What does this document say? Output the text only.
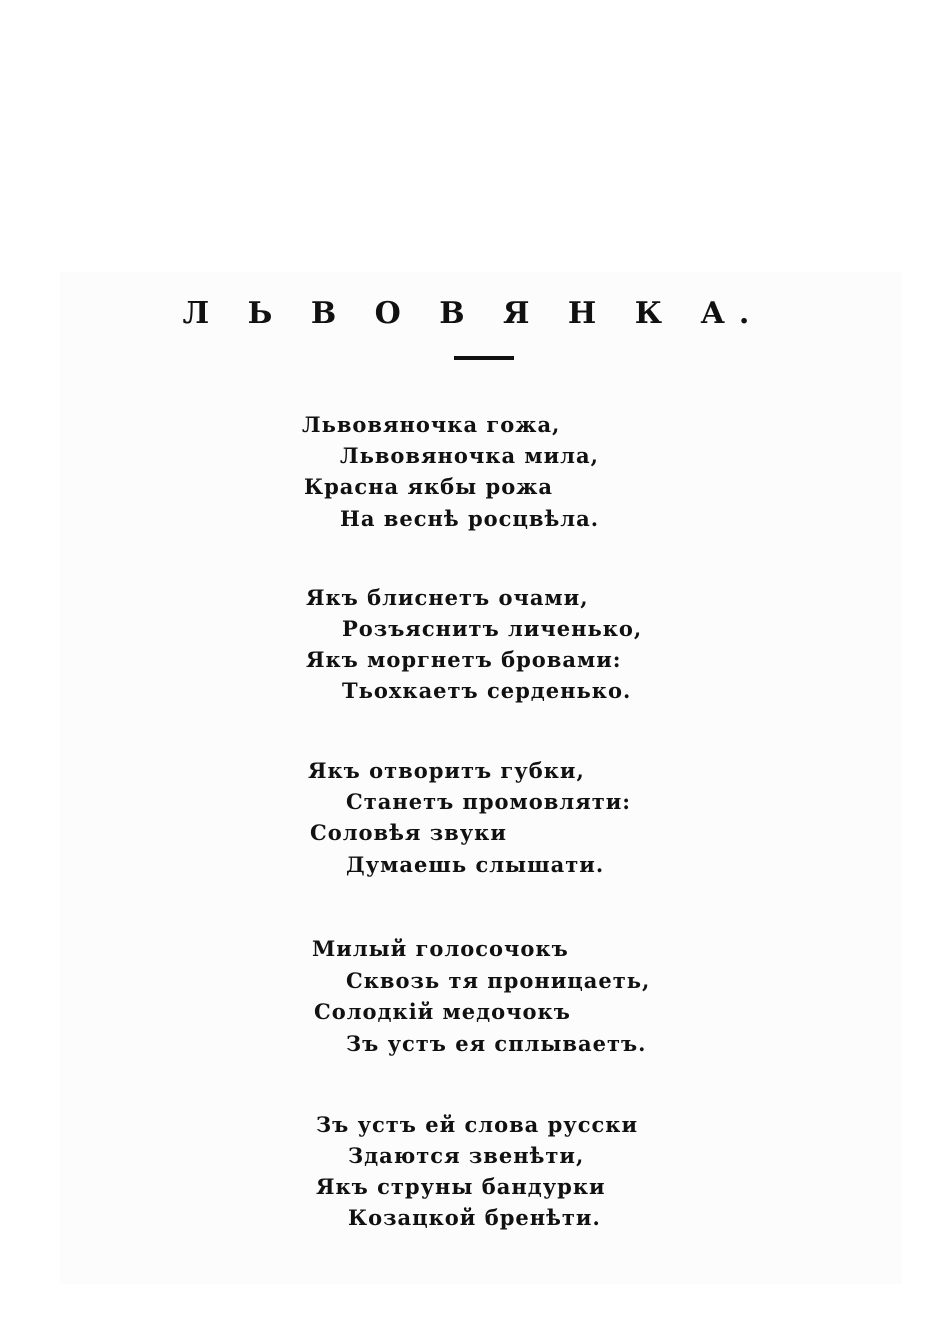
Л Ь В О В Я Н К А.
Львовяночка гожа,
Львовяночка мила,
Красна якбы рожа
На веснѣ росцвѣла.
Якъ блиснетъ очами,
Розъяснитъ личенько,
Якъ моргнетъ бровами:
Тьохкаетъ серденько.
Якъ отворитъ губки,
Станетъ промовляти:
Соловѣя звуки
Думаешь слышати.
Милый голосочокъ
Сквозь тя проницаеть,
Солодкій медочокъ
Зъ устъ ея сплываетъ.
Зъ устъ ей слова русски
Здаются звенѣти,
Якъ струны бандурки
Козацкой бренѣти.
